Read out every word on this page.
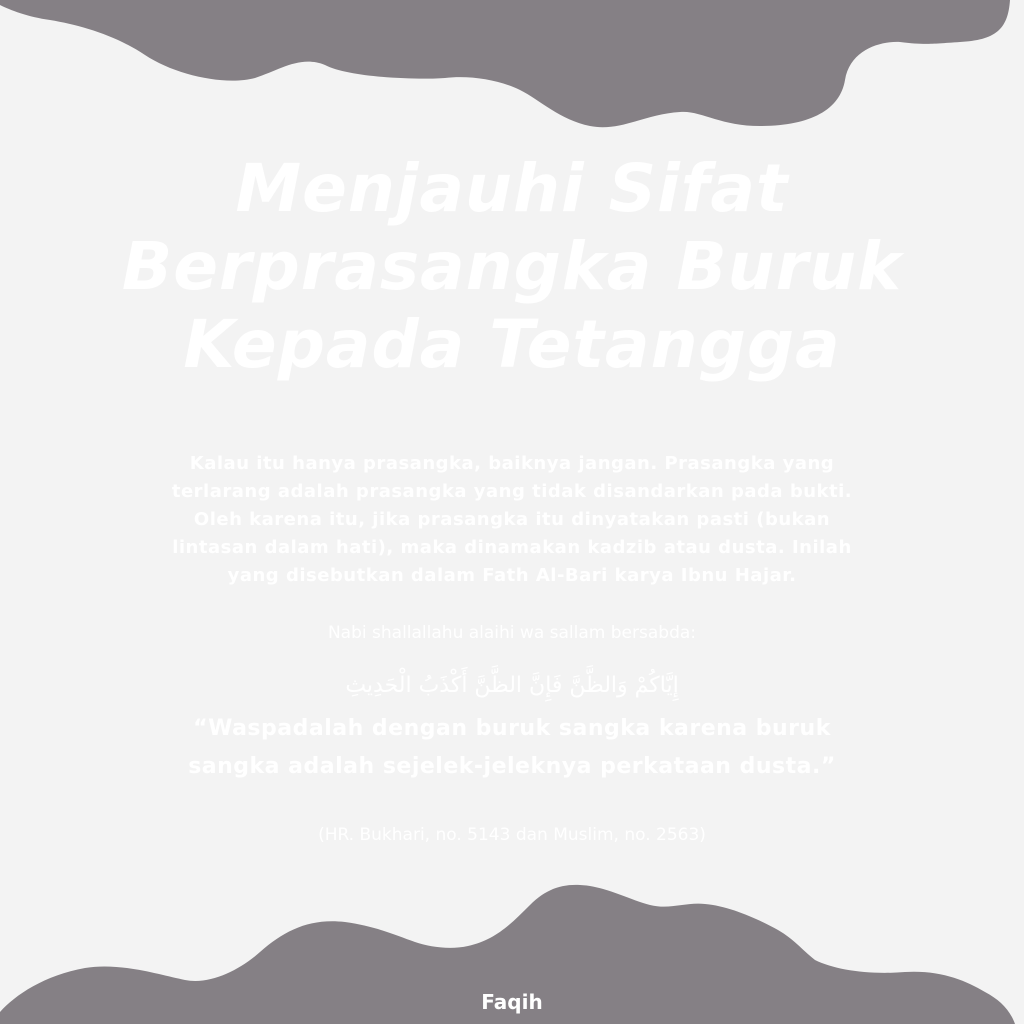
Menjauhi Sifat
Berprasangka Buruk
Kepada Tetangga

Kalau itu hanya prasangka, baiknya jangan. Prasangka yang
terlarang adalah prasangka yang tidak disandarkan pada bukti.
Oleh karena itu, jika prasangka itu dinyatakan pasti (bukan
lintasan dalam hati), maka dinamakan kadzib atau dusta. Inilah
yang disebutkan dalam Fath Al-Bari karya Ibnu Hajar.

Nabi shallallahu alaihi wa sallam bersabda:

إِيَّاكُمْ وَالظَّنَّ فَإِنَّ الظَّنَّ أَكْذَبُ الْحَدِيثِ

“Waspadalah dengan buruk sangka karena buruk
sangka adalah sejelek-jeleknya perkataan dusta.”

(HR. Bukhari, no. 5143 dan Muslim, no. 2563)

Faqih
